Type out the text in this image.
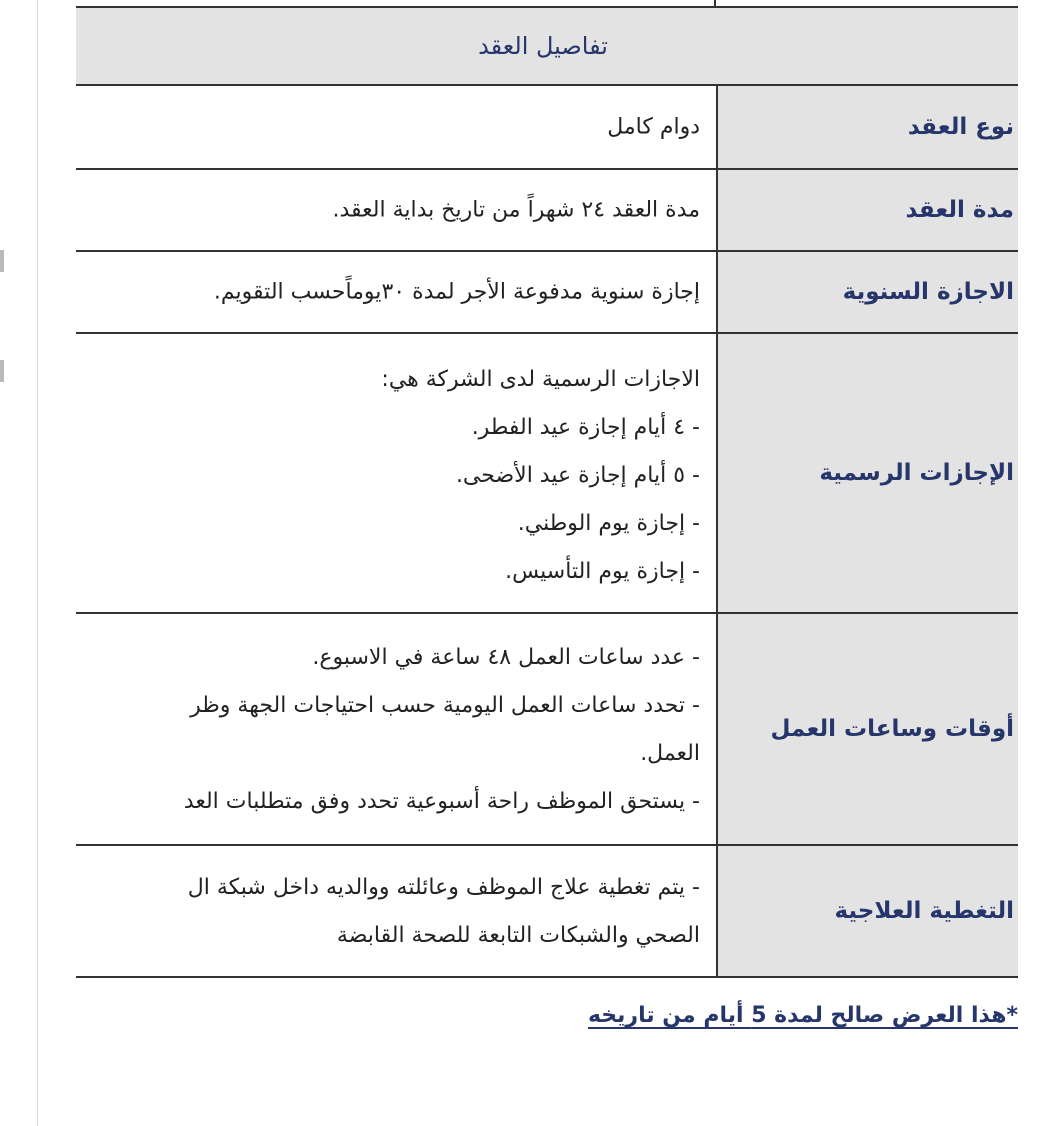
تفاصيل العقد
نوع العقد
دوام كامل
مدة العقد
مدة العقد ٢٤ شهراً من تاريخ بداية العقد.
الاجازة السنوية
إجازة سنوية مدفوعة الأجر لمدة ٣٠يوماًحسب التقويم.
الإجازات الرسمية
الاجازات الرسمية لدى الشركة هي:
- ٤ أيام إجازة عيد الفطر.
- ٥ أيام إجازة عيد الأضحى.
- إجازة يوم الوطني.
- إجازة يوم التأسيس.
أوقات وساعات العمل
- عدد ساعات العمل ٤٨ ساعة في الاسبوع.
- تحدد ساعات العمل اليومية حسب احتياجات الجهة وظر
العمل.
- يستحق الموظف راحة أسبوعية تحدد وفق متطلبات العد
التغطية العلاجية
- يتم تغطية علاج الموظف وعائلته ووالديه داخل شبكة ال
الصحي والشبكات التابعة للصحة القابضة
*هذا العرض صالح لمدة 5 أيام من تاريخه
